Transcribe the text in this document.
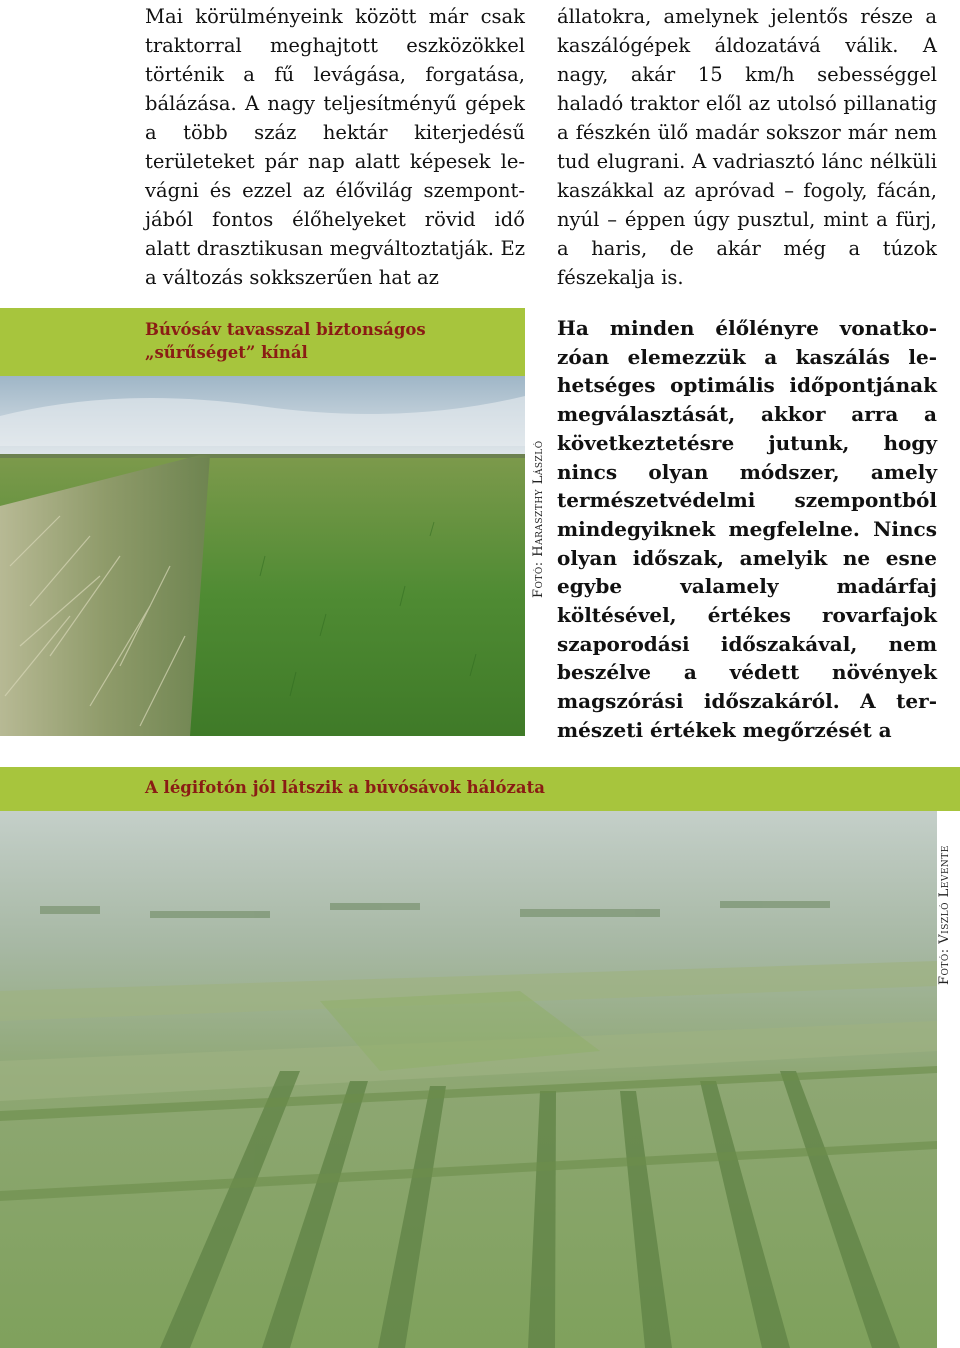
Mai körülményeink között már csak traktorral meghajtott eszközökkel történik a fű levágása, forgatása, bálázása. A nagy teljesítményű gépek a több száz hektár kiterjedésű területeket pár nap alatt képesek levágni és ezzel az élővilág szempontjából fontos élőhelyeket rövid idő alatt drasztikusan megváltoztatják. Ez a változás sokkszerűen hat az
állatokra, amelynek jelentős része a kaszálógépek áldozatává válik. A nagy, akár 15 km/h sebességgel haladó traktor elől az utolsó pillanatig a fészkén ülő madár sokszor már nem tud elugrani. A vadriasztó lánc nélküli kaszákkal az apróvad – fogoly, fácán, nyúl – éppen úgy pusztul, mint a fürj, a haris, de akár még a túzok fészekalja is.
Búvósáv tavasszal biztonságos
„sűrűséget” kínál
Fotó: Haraszthy László
Ha minden élőlényre vonatkozóan elemezzük a kaszálás lehetséges optimális időpontjának megválasztását, akkor arra a következtetésre jutunk, hogy nincs olyan módszer, amely természetvédelmi szempontból mindegyiknek megfelelne. Nincs olyan időszak, amelyik ne esne egybe valamely madárfaj költésével, értékes rovarfajok szaporodási időszakával, nem beszélve a védett növények magszórási időszakáról. A természeti értékek megőrzését a
A légifotón jól látszik a búvósávok hálózata
Fotó: Viszló Levente
